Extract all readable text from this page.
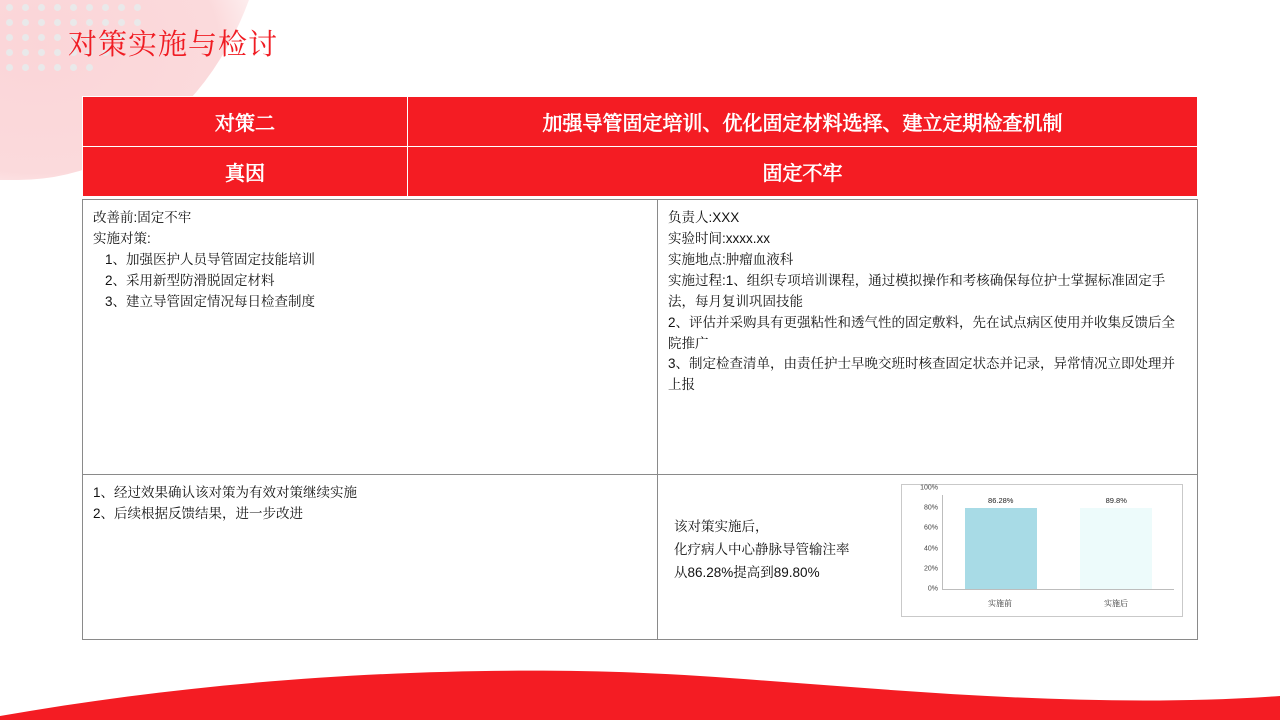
对策实施与检讨
对策二	加强导管固定培训、优化固定材料选择、建立定期检查机制
真因	固定不牢
改善前:固定不牢
实施对策:
1、加强医护人员导管固定技能培训
2、采用新型防滑脱固定材料
3、建立导管固定情况每日检查制度

负责人:XXX
实验时间:xxxx.xx
实施地点:肿瘤血液科
实施过程:1、组织专项培训课程，通过模拟操作和考核确保每位护士掌握标准固定手法，每月复训巩固技能
2、评估并采购具有更强粘性和透气性的固定敷料，先在试点病区使用并收集反馈后全院推广
3、制定检查清单，由责任护士早晚交班时核查固定状态并记录，异常情况立即处理并上报

1、经过效果确认该对策为有效对策继续实施
2、后续根据反馈结果，进一步改进

该对策实施后，
化疗病人中心静脉导管输注率
从86.28%提高到89.80%
0%
20%
40%
60%
80%
100%
86.28%	89.8%
实施前	实施后
